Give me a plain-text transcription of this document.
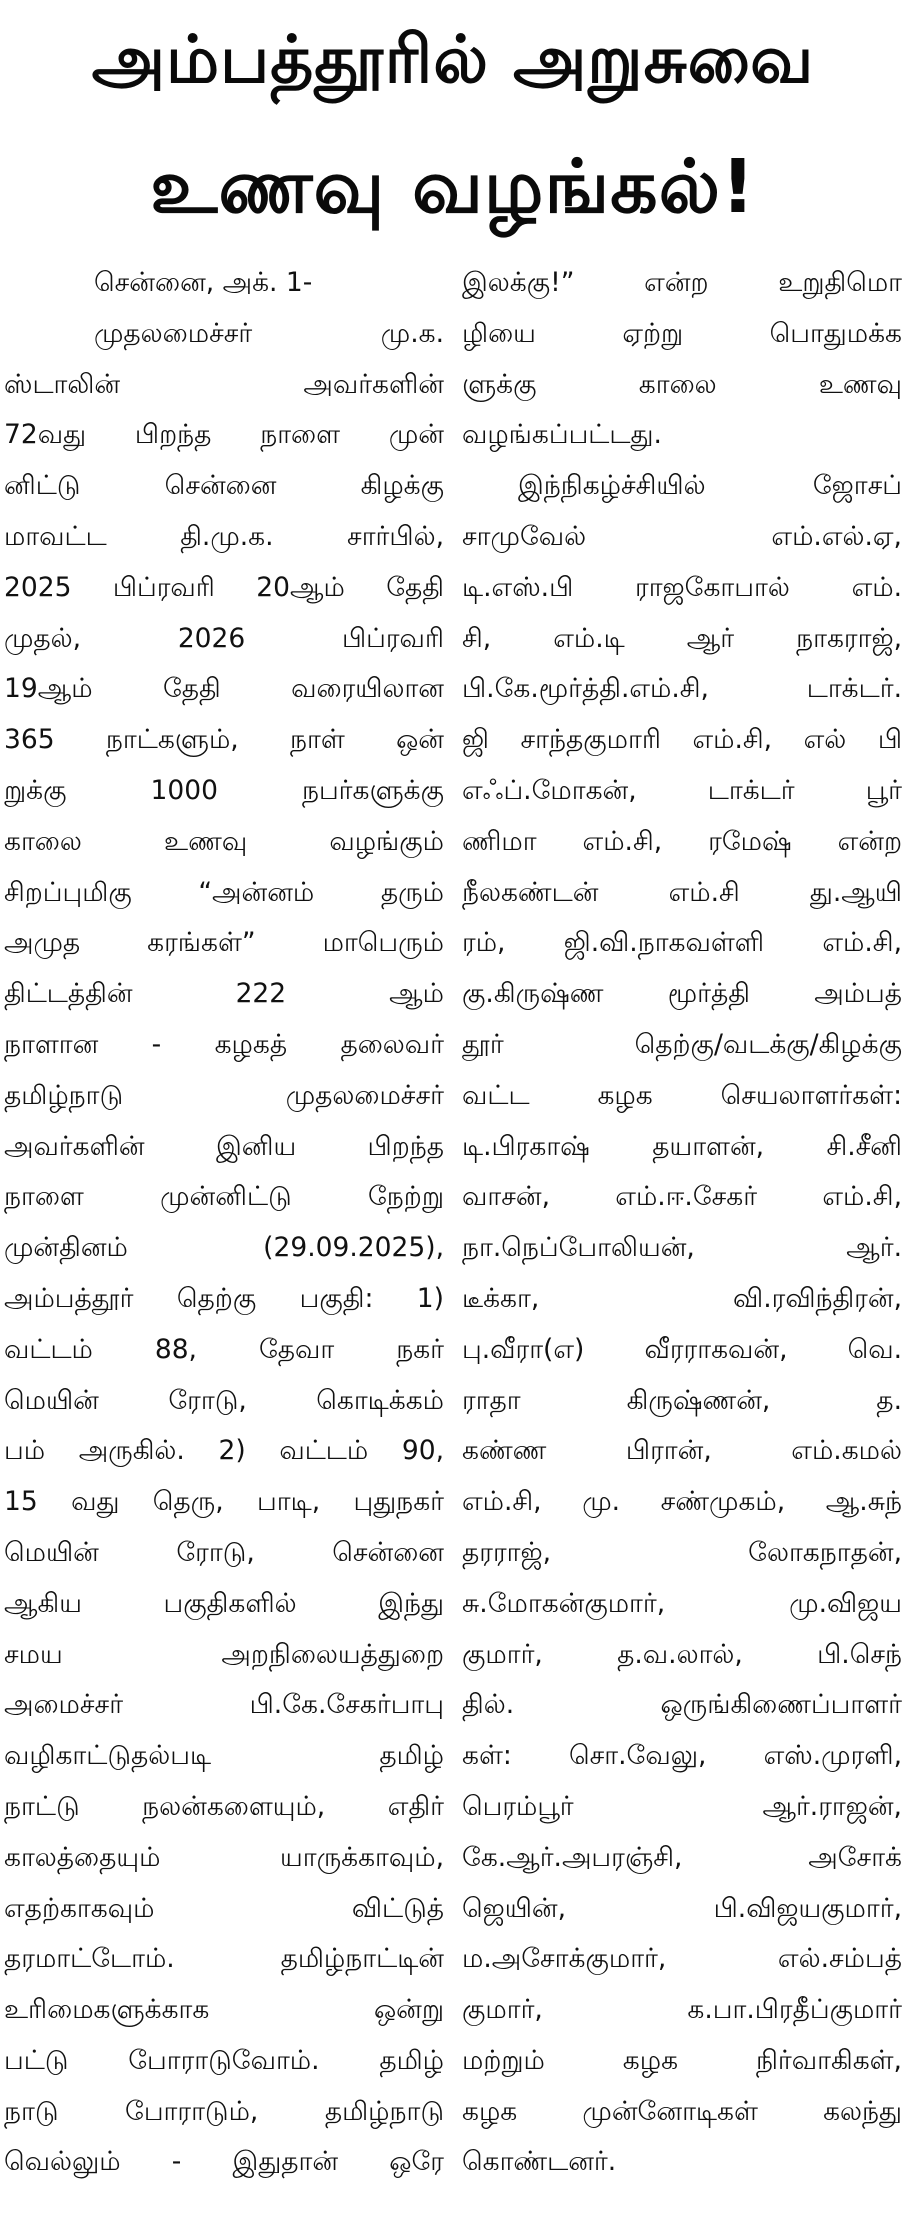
அம்பத்தூரில் அறுசுவை
உணவு வழங்கல்!
சென்னை, அக். 1-
முதலமைச்சர் மு.க.
ஸ்டாலின் அவர்களின்
72வது பிறந்த நாளை முன்
னிட்டு சென்னை கிழக்கு
மாவட்ட தி.மு.க. சார்பில்,
2025 பிப்ரவரி 20ஆம் தேதி
முதல், 2026 பிப்ரவரி
19ஆம் தேதி வரையிலான
365 நாட்களும், நாள் ஒன்
றுக்கு 1000 நபர்களுக்கு
காலை உணவு வழங்கும்
சிறப்புமிகு “அன்னம் தரும்
அமுத கரங்கள்” மாபெரும்
திட்டத்தின் 222 ஆம்
நாளான - கழகத் தலைவர்
தமிழ்நாடு முதலமைச்சர்
அவர்களின் இனிய பிறந்த
நாளை முன்னிட்டு நேற்று
முன்தினம் (29.09.2025),
அம்பத்தூர் தெற்கு பகுதி: 1)
வட்டம் 88, தேவா நகர்
மெயின் ரோடு, கொடிக்கம்
பம் அருகில். 2) வட்டம் 90,
15 வது தெரு, பாடி, புதுநகர்
மெயின் ரோடு, சென்னை
ஆகிய பகுதிகளில் இந்து
சமய அறநிலையத்துறை
அமைச்சர் பி.கே.சேகர்பாபு
வழிகாட்டுதல்படி தமிழ்
நாட்டு நலன்களையும், எதிர்
காலத்தையும் யாருக்காவும்,
எதற்காகவும் விட்டுத்
தரமாட்டோம். தமிழ்நாட்டின்
உரிமைகளுக்காக ஒன்று
பட்டு போராடுவோம். தமிழ்
நாடு போராடும், தமிழ்நாடு
வெல்லும் - இதுதான் ஒரே
இலக்கு!” என்ற உறுதிமொ
ழியை ஏற்று பொதுமக்க
ளுக்கு காலை உணவு
வழங்கப்பட்டது.
இந்நிகழ்ச்சியில் ஜோசப்
சாமுவேல் எம்.எல்.ஏ,
டி.எஸ்.பி ராஜகோபால் எம்.
சி, எம்.டி ஆர் நாகராஜ்,
பி.கே.மூர்த்தி.எம்.சி, டாக்டர்.
ஜி சாந்தகுமாரி எம்.சி, எல் பி
எஃப்.மோகன், டாக்டர் பூர்
ணிமா எம்.சி, ரமேஷ் என்ற
நீலகண்டன் எம்.சி து.ஆயி
ரம், ஜி.வி.நாகவள்ளி எம்.சி,
கு.கிருஷ்ண மூர்த்தி அம்பத்
தூர் தெற்கு/வடக்கு/கிழக்கு
வட்ட கழக செயலாளர்கள்:
டி.பிரகாஷ் தயாளன், சி.சீனி
வாசன், எம்.ஈ.சேகர் எம்.சி,
நா.நெப்போலியன், ஆர்.
டீக்கா, வி.ரவிந்திரன்,
பு.வீரா(எ) வீரராகவன், வெ.
ராதா கிருஷ்ணன், த.
கண்ண பிரான், எம்.கமல்
எம்.சி, மு. சண்முகம், ஆ.சுந்
தரராஜ், லோகநாதன்,
சு.மோகன்குமார், மு.விஜய
குமார், த.வ.லால், பி.செந்
தில். ஒருங்கிணைப்பாளர்
கள்: சொ.வேலு, எஸ்.முரளி,
பெரம்பூர் ஆர்.ராஜன்,
கே.ஆர்.அபரஞ்சி, அசோக்
ஜெயின், பி.விஜயகுமார்,
ம.அசோக்குமார், எல்.சம்பத்
குமார், க.பா.பிரதீப்குமார்
மற்றும் கழக நிர்வாகிகள்,
கழக முன்னோடிகள் கலந்து
கொண்டனர்.
